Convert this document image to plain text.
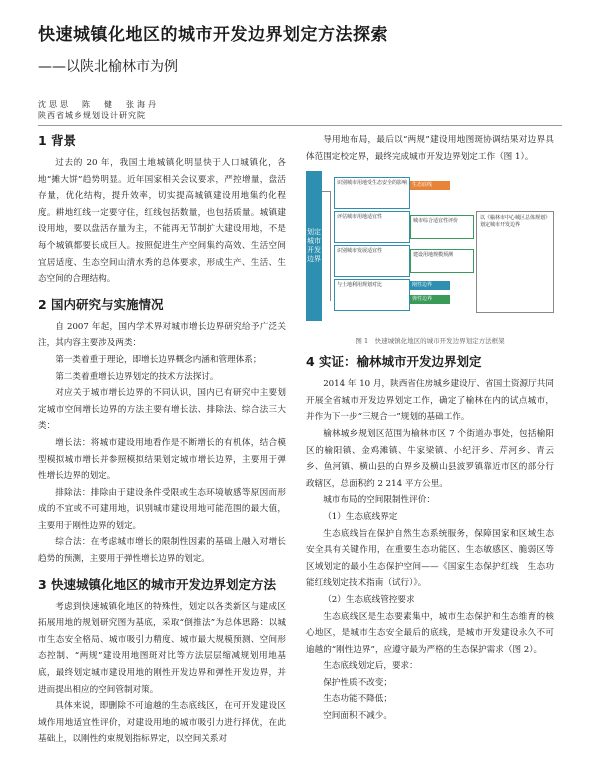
快速城镇化地区的城市开发边界划定方法探索
——以陕北榆林市为例
沈思思　陈　健　张海丹
陕西省城乡规划设计研究院

1 背景

过去的 20 年，我国土地城镇化明显快于人口城镇化，各地“摊大饼”趋势明显。近年国家相关会议要求，严控增量，盘活存量，优化结构，提升效率，切实提高城镇建设用地集约化程度。耕地红线一定要守住，红线包括数量，也包括质量。城镇建设用地，要以盘活存量为主，不能再无节制扩大建设用地，不是每个城镇都要长成巨人。按照促进生产空间集约高效、生活空间宜居适度、生态空间山清水秀的总体要求，形成生产、生活、生态空间的合理结构。

2 国内研究与实施情况

自 2007 年起，国内学术界对城市增长边界研究给予广泛关注，其内容主要涉及两类：

第一类着重于理论，即增长边界概念内涵和管理体系；

第二类着重增长边界划定的技术方法探讨。

对应关于城市增长边界的不同认识，国内已有研究中主要划定城市空间增长边界的方法主要有增长法、排除法、综合法三大类：

增长法：将城市建设用地看作是不断增长的有机体，结合模型模拟城市增长并参照模拟结果划定城市增长边界，主要用于弹性增长边界的划定。

排除法：排除由于建设条件受限或生态环境敏感等原因而形成的不宜或不可建用地，识别城市建设用地可能范围的最大值，主要用于刚性边界的划定。

综合法：在考虑城市增长的限制性因素的基础上融入对增长趋势的预测，主要用于弹性增长边界的划定。

3 快速城镇化地区的城市开发边界划定方法

考虑到快速城镇化地区的特殊性，划定以各类新区与建成区拓展用地的规划研究图为基底，采取“倒推法”为总体思路：以城市生态安全格局、城市吸引力精度、城市最大规模预测、空间形态控制、“两规”建设用地图斑对比等方法层层缩减规划用地基底，最终划定城市建设用地的刚性开发边界和弹性开发边界，并进而提出相应的空间管制对策。

具体来说，即删除不可逾越的生态底线区，在可开发建设区域作用地适宜性评价，对建设用地的城市吸引力进行择优，在此基础上，以刚性约束规划指标界定，以空间关系对

导用地布局，最后以“两规”建设用地图斑协调结果对边界具体范围定校定界，最终完成城市开发边界划定工作（图 1）。

划定城市开发边界
识别城市用地受生态安全的影响 生态底线
评估城市用地适宜性
城市综合适宜性评价
识别城市发展适宜性
建设用地规模预测
与土地利用规划对比	刚性边界
弹性边界
以《榆林市中心城区总体规划》划定城市开发边界

图 1　快速城镇化地区的城市开发边界划定方法框架

4 实证：榆林城市开发边界划定

2014 年 10 月，陕西省住房城乡建设厅、省国土资源厅共同开展全省城市开发边界划定工作，确定了榆林在内的试点城市，并作为下一步“三规合一”规划的基础工作。

榆林城乡规划区范围为榆林市区 7 个街道办事处，包括榆阳区的榆阳镇、金鸡滩镇、牛家梁镇、小纪汗乡、芹河乡、青云乡、鱼河镇、横山县的白界乡及横山县波罗镇靠近市区的部分行政辖区，总面积约 2 214 平方公里。

城市布局的空间限制性评价：

（1）生态底线界定

生态底线旨在保护自然生态系统服务，保障国家和区域生态安全具有关键作用，在重要生态功能区、生态敏感区、脆弱区等区域划定的最小生态保护空间——《国家生态保护红线　生态功能红线划定技术指南（试行）》。

（2）生态底线管控要求

生态底线区是生态要素集中，城市生态保护和生态维育的核心地区，是城市生态安全最后的底线，是城市开发建设永久不可逾越的“刚性边界”，应遵守最为严格的生态保护需求（图 2）。

生态底线划定后，要求：

保护性质不改变；

生态功能不降低；

空间面积不减少。
